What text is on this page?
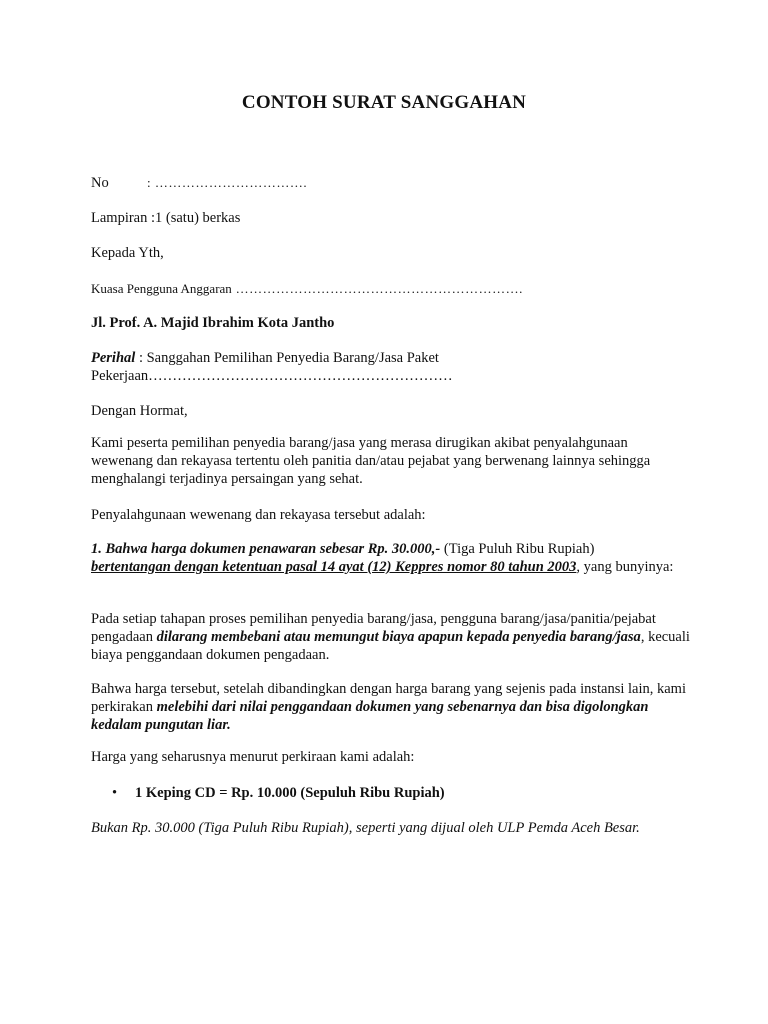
CONTOH SURAT SANGGAHAN
No	: …………………………….
Lampiran :1 (satu) berkas
Kepada Yth,
Kuasa Pengguna Anggaran ……………………………………………………….
Jl. Prof. A. Majid Ibrahim Kota Jantho
Perihal : Sanggahan Pemilihan Penyedia Barang/Jasa Paket
Pekerjaan………………………………………………………
Dengan Hormat,
Kami peserta pemilihan penyedia barang/jasa yang merasa dirugikan akibat penyalahgunaan wewenang dan rekayasa tertentu oleh panitia dan/atau pejabat yang berwenang lainnya sehingga menghalangi terjadinya persaingan yang sehat.
Penyalahgunaan wewenang dan rekayasa tersebut adalah:
1. Bahwa harga dokumen penawaran sebesar Rp. 30.000,- (Tiga Puluh Ribu Rupiah)
bertentangan dengan ketentuan pasal 14 ayat (12) Keppres nomor 80 tahun 2003, yang bunyinya:
Pada setiap tahapan proses pemilihan penyedia barang/jasa, pengguna barang/jasa/panitia/pejabat pengadaan dilarang membebani atau memungut biaya apapun kepada penyedia barang/jasa, kecuali biaya penggandaan dokumen pengadaan.
Bahwa harga tersebut, setelah dibandingkan dengan harga barang yang sejenis pada instansi lain, kami perkirakan melebihi dari nilai penggandaan dokumen yang sebenarnya dan bisa digolongkan kedalam pungutan liar.
Harga yang seharusnya menurut perkiraan kami adalah:
• 1 Keping CD = Rp. 10.000 (Sepuluh Ribu Rupiah)
Bukan Rp. 30.000 (Tiga Puluh Ribu Rupiah), seperti yang dijual oleh ULP Pemda Aceh Besar.
